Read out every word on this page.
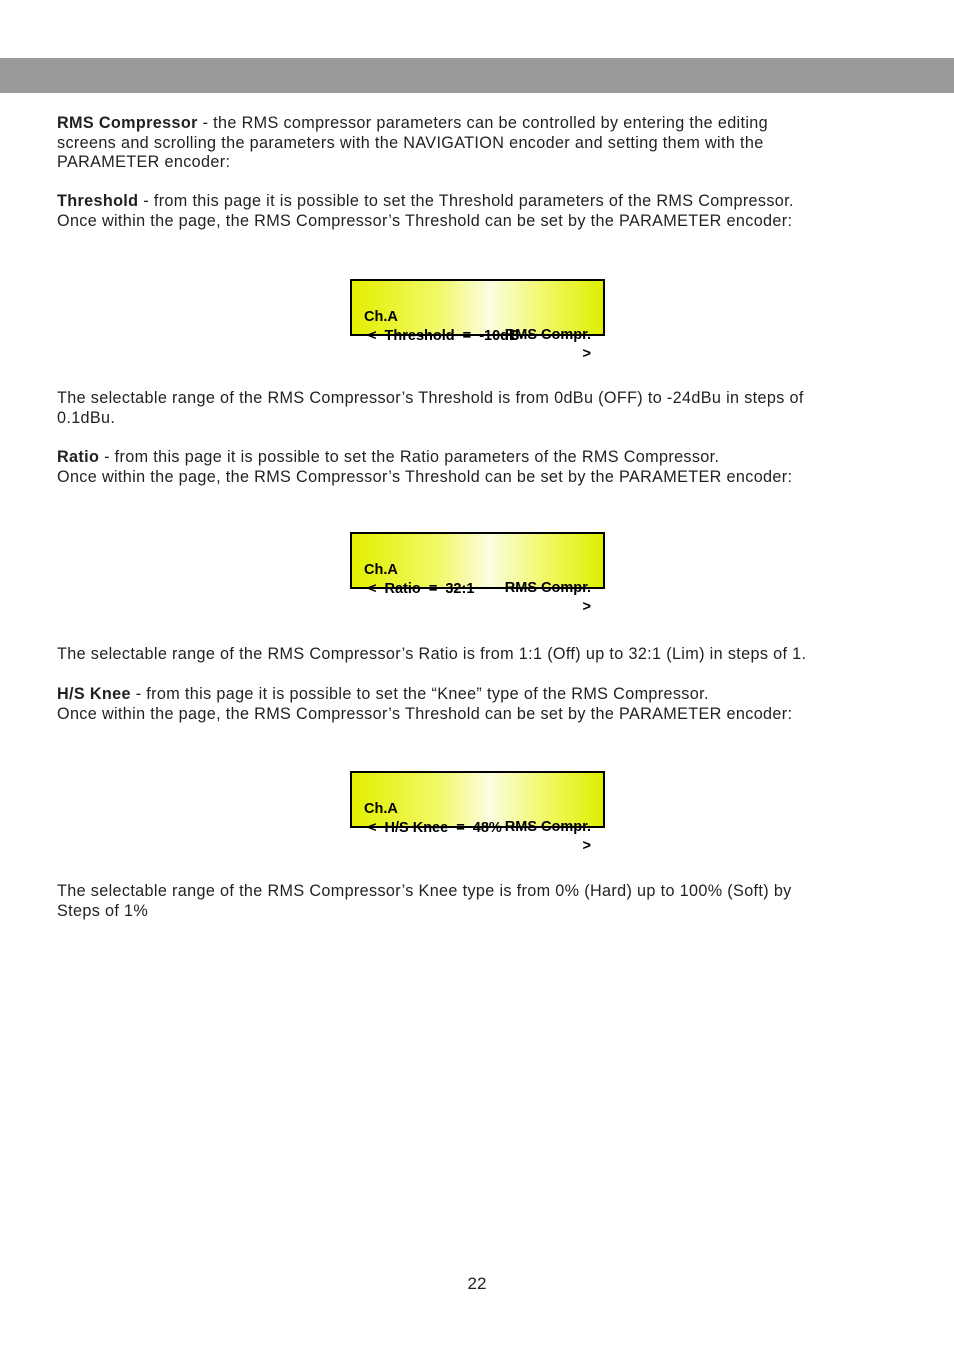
RMS Compressor - the RMS compressor parameters can be controlled by entering the editing
screens and scrolling the parameters with the NAVIGATION encoder and setting them with the
PARAMETER encoder:

Threshold - from this page it is possible to set the Threshold parameters of the RMS Compressor.
Once within the page, the RMS Compressor’s Threshold can be set by the PARAMETER encoder:

Ch.A

RMS Compr.

<  Threshold  =  -10dB

>

The selectable range of the RMS Compressor’s Threshold is from 0dBu (OFF) to -24dBu in steps of
0.1dBu.

Ratio - from this page it is possible to set the Ratio parameters of the RMS Compressor.
Once within the page, the RMS Compressor’s Threshold can be set by the PARAMETER encoder:

Ch.A

RMS Compr.

<  Ratio  =  32:1

>

The selectable range of the RMS Compressor’s Ratio is from 1:1 (Off) up to 32:1 (Lim) in steps of 1.

H/S Knee - from this page it is possible to set the “Knee” type of the RMS Compressor.
Once within the page, the RMS Compressor’s Threshold can be set by the PARAMETER encoder:

Ch.A

RMS Compr.

<  H/S Knee  =  48%

>

The selectable range of the RMS Compressor’s Knee type is from 0% (Hard) up to 100% (Soft) by
Steps of 1%

22
